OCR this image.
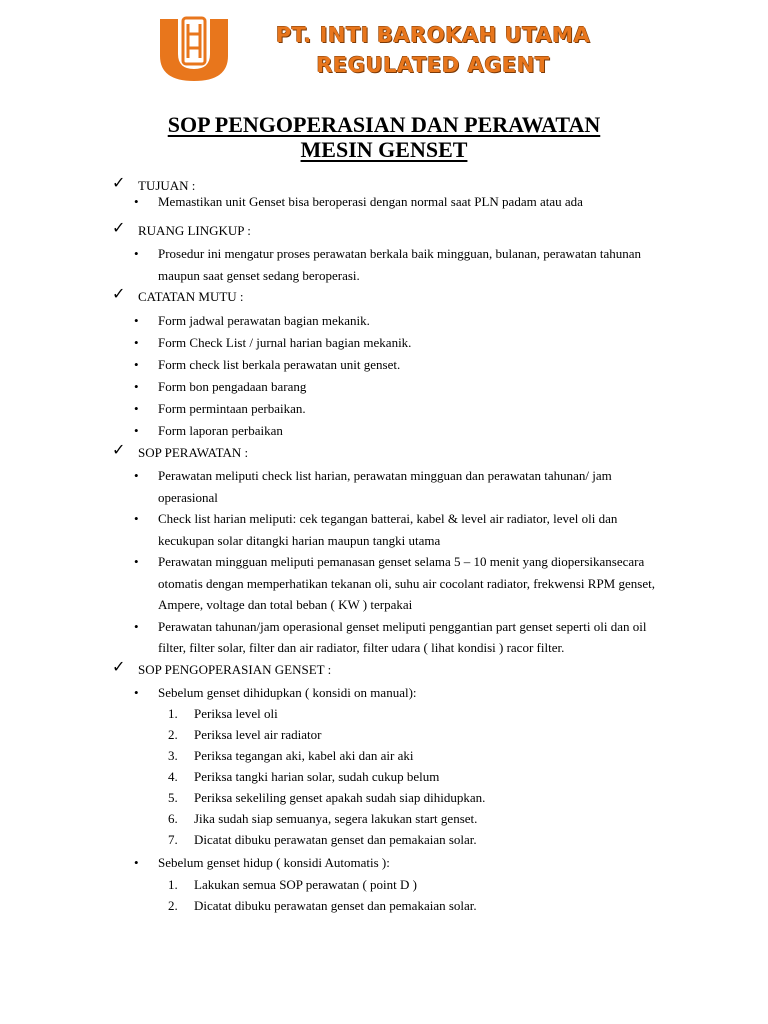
PT. INTI BAROKAH UTAMA
REGULATED AGENT
SOP PENGOPERASIAN DAN PERAWATAN
MESIN GENSET
✓ TUJUAN :
• Memastikan unit Genset bisa beroperasi dengan normal saat PLN padam atau ada
✓ RUANG LINGKUP :
• Prosedur ini mengatur proses perawatan berkala baik mingguan, bulanan, perawatan tahunan maupun saat genset sedang beroperasi.
✓ CATATAN MUTU :
• Form jadwal perawatan bagian mekanik.
• Form Check List / jurnal harian bagian mekanik.
• Form check list berkala perawatan unit genset.
• Form bon pengadaan barang
• Form permintaan perbaikan.
• Form laporan perbaikan
✓ SOP PERAWATAN :
• Perawatan meliputi check list harian, perawatan mingguan dan perawatan tahunan/ jam operasional
• Check list harian meliputi: cek tegangan batterai, kabel & level air radiator, level oli dan kecukupan solar ditangki harian maupun tangki utama
• Perawatan mingguan meliputi pemanasan genset selama 5 – 10 menit yang diopersikansecara otomatis dengan memperhatikan tekanan oli, suhu air cocolant radiator, frekwensi RPM genset, Ampere, voltage dan total beban ( KW ) terpakai
• Perawatan tahunan/jam operasional genset meliputi penggantian part genset seperti oli dan oil filter, filter solar, filter dan air radiator, filter udara ( lihat kondisi ) racor filter.
✓ SOP PENGOPERASIAN GENSET :
• Sebelum genset dihidupkan ( konsidi on manual):
1. Periksa level oli
2. Periksa level air radiator
3. Periksa tegangan aki, kabel aki dan air aki
4. Periksa tangki harian solar, sudah cukup belum
5. Periksa sekeliling genset apakah sudah siap dihidupkan.
6. Jika sudah siap semuanya, segera lakukan start genset.
7. Dicatat dibuku perawatan genset dan pemakaian solar.
• Sebelum genset hidup ( konsidi Automatis ):
1. Lakukan semua SOP perawatan ( point D )
2. Dicatat dibuku perawatan genset dan pemakaian solar.
